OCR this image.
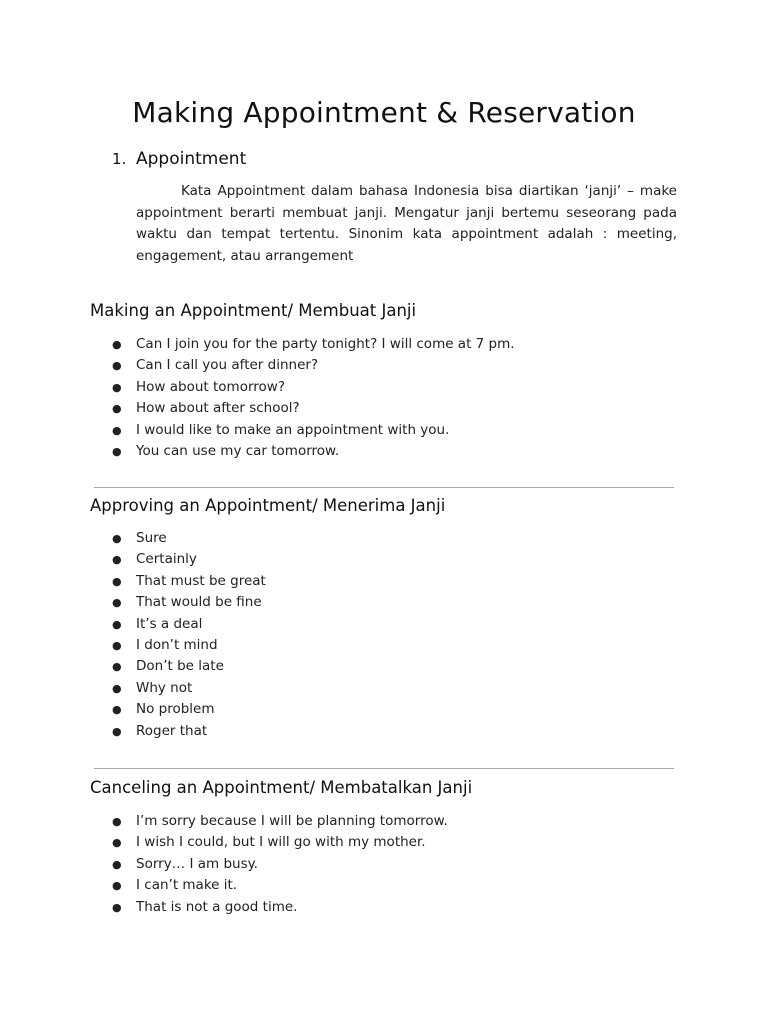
Making Appointment & Reservation
1. Appointment

Kata Appointment dalam bahasa Indonesia bisa diartikan ‘janji’ – make appointment berarti membuat janji. Mengatur janji bertemu seseorang pada waktu dan tempat tertentu. Sinonim kata appointment adalah : meeting, engagement, atau arrangement

Making an Appointment/ Membuat Janji
● Can I join you for the party tonight? I will come at 7 pm.
● Can I call you after dinner?
● How about tomorrow?
● How about after school?
● I would like to make an appointment with you.
● You can use my car tomorrow.
Approving an Appointment/ Menerima Janji
● Sure
● Certainly
● That must be great
● That would be fine
● It’s a deal
● I don’t mind
● Don’t be late
● Why not
● No problem
● Roger that
Canceling an Appointment/ Membatalkan Janji
● I’m sorry because I will be planning tomorrow.
● I wish I could, but I will go with my mother.
● Sorry… I am busy.
● I can’t make it.
● That is not a good time.
